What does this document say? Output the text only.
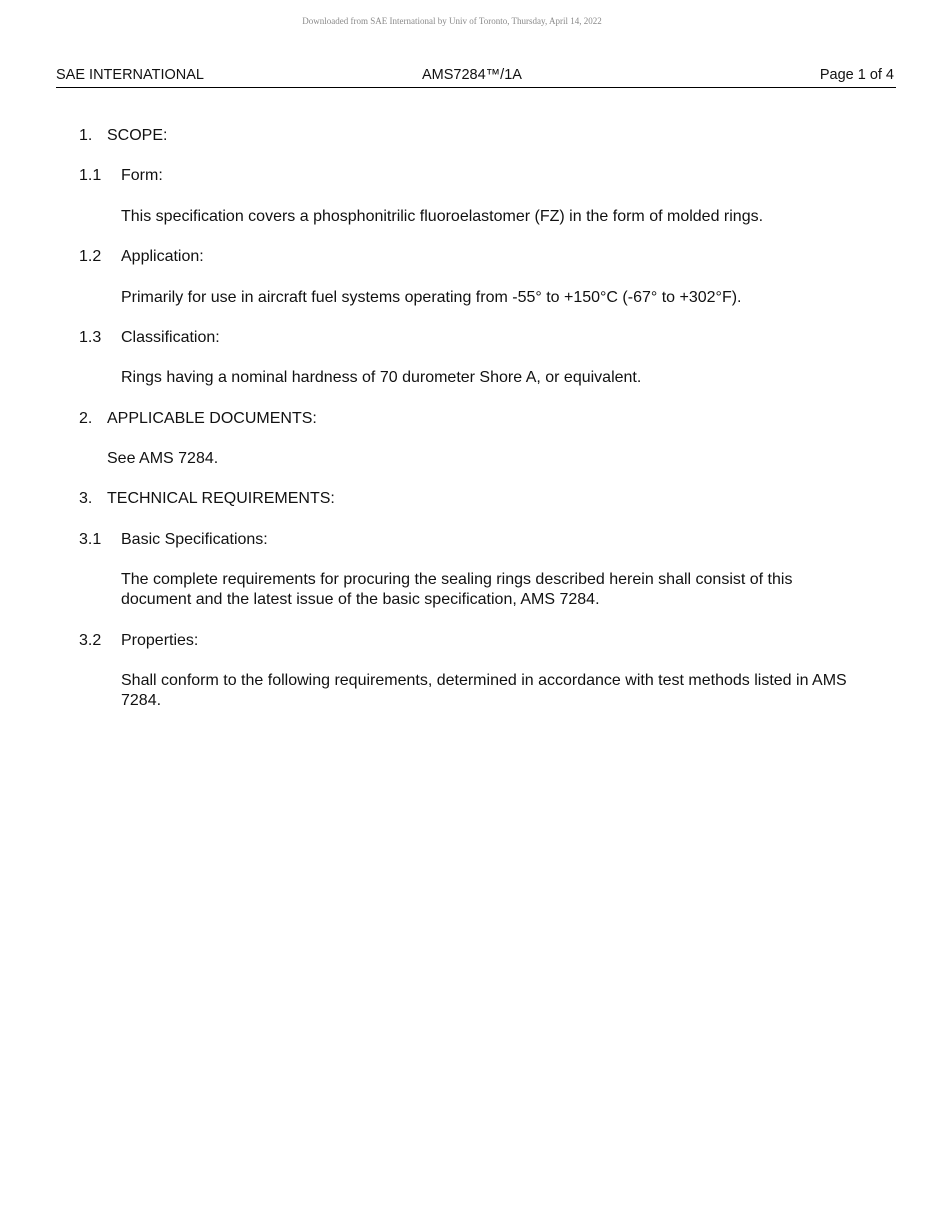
Downloaded from SAE International by Univ of Toronto, Thursday, April 14, 2022
SAE INTERNATIONAL	AMS7284™/1A	Page 1 of 4
1. SCOPE:
1.1 Form:
This specification covers a phosphonitrilic fluoroelastomer (FZ) in the form of molded rings.
1.2 Application:
Primarily for use in aircraft fuel systems operating from -55° to +150°C (-67° to +302°F).
1.3 Classification:
Rings having a nominal hardness of 70 durometer Shore A, or equivalent.
2. APPLICABLE DOCUMENTS:
See AMS 7284.
3. TECHNICAL REQUIREMENTS:
3.1 Basic Specifications:
The complete requirements for procuring the sealing rings described herein shall consist of this document and the latest issue of the basic specification, AMS 7284.
3.2 Properties:
Shall conform to the following requirements, determined in accordance with test methods listed in AMS 7284.
